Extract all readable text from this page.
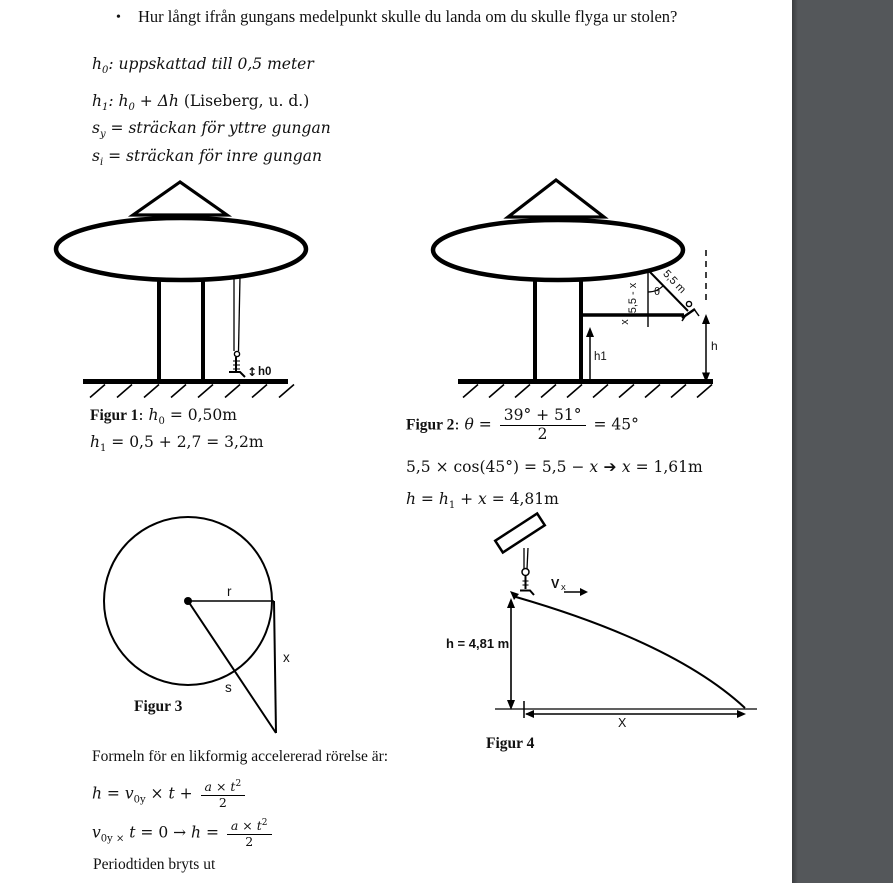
• Hur långt ifrån gungans medelpunkt skulle du landa om du skulle flyga ur stolen?
$h_0$: uppskattad till 0,5 meter
$h_1$: $h_0 + \Delta h$ (Liseberg, u. d.)
$s_y$ = sträckan för yttre gungan
$s_i$ = sträckan för inre gungan
↕ h0
Figur 1: $h_0 = 0,50m$
$h_1 = 0,5 + 2,7 = 3,2m$
5,5 - x
x
θ 5,5 m
h
h1
Figur 2: $\theta = \frac{39^\circ + 51^\circ}{2} = 45^\circ$
5,5 × cos(45°) = 5,5 − x ➔ x = 1,61m
$h = h_1 + x = 4,81m$
r
x
s
Figur 3
V x
h = 4,81 m
X
Figur 4
Formeln för en likformig accelererad rörelse är:
$h = v_{0y} \times t + \frac{a \times t^2}{2}$
$v_{0y \times}$ $t = 0 \to h = \frac{a \times t^2}{2}$
Periodtiden bryts ut
